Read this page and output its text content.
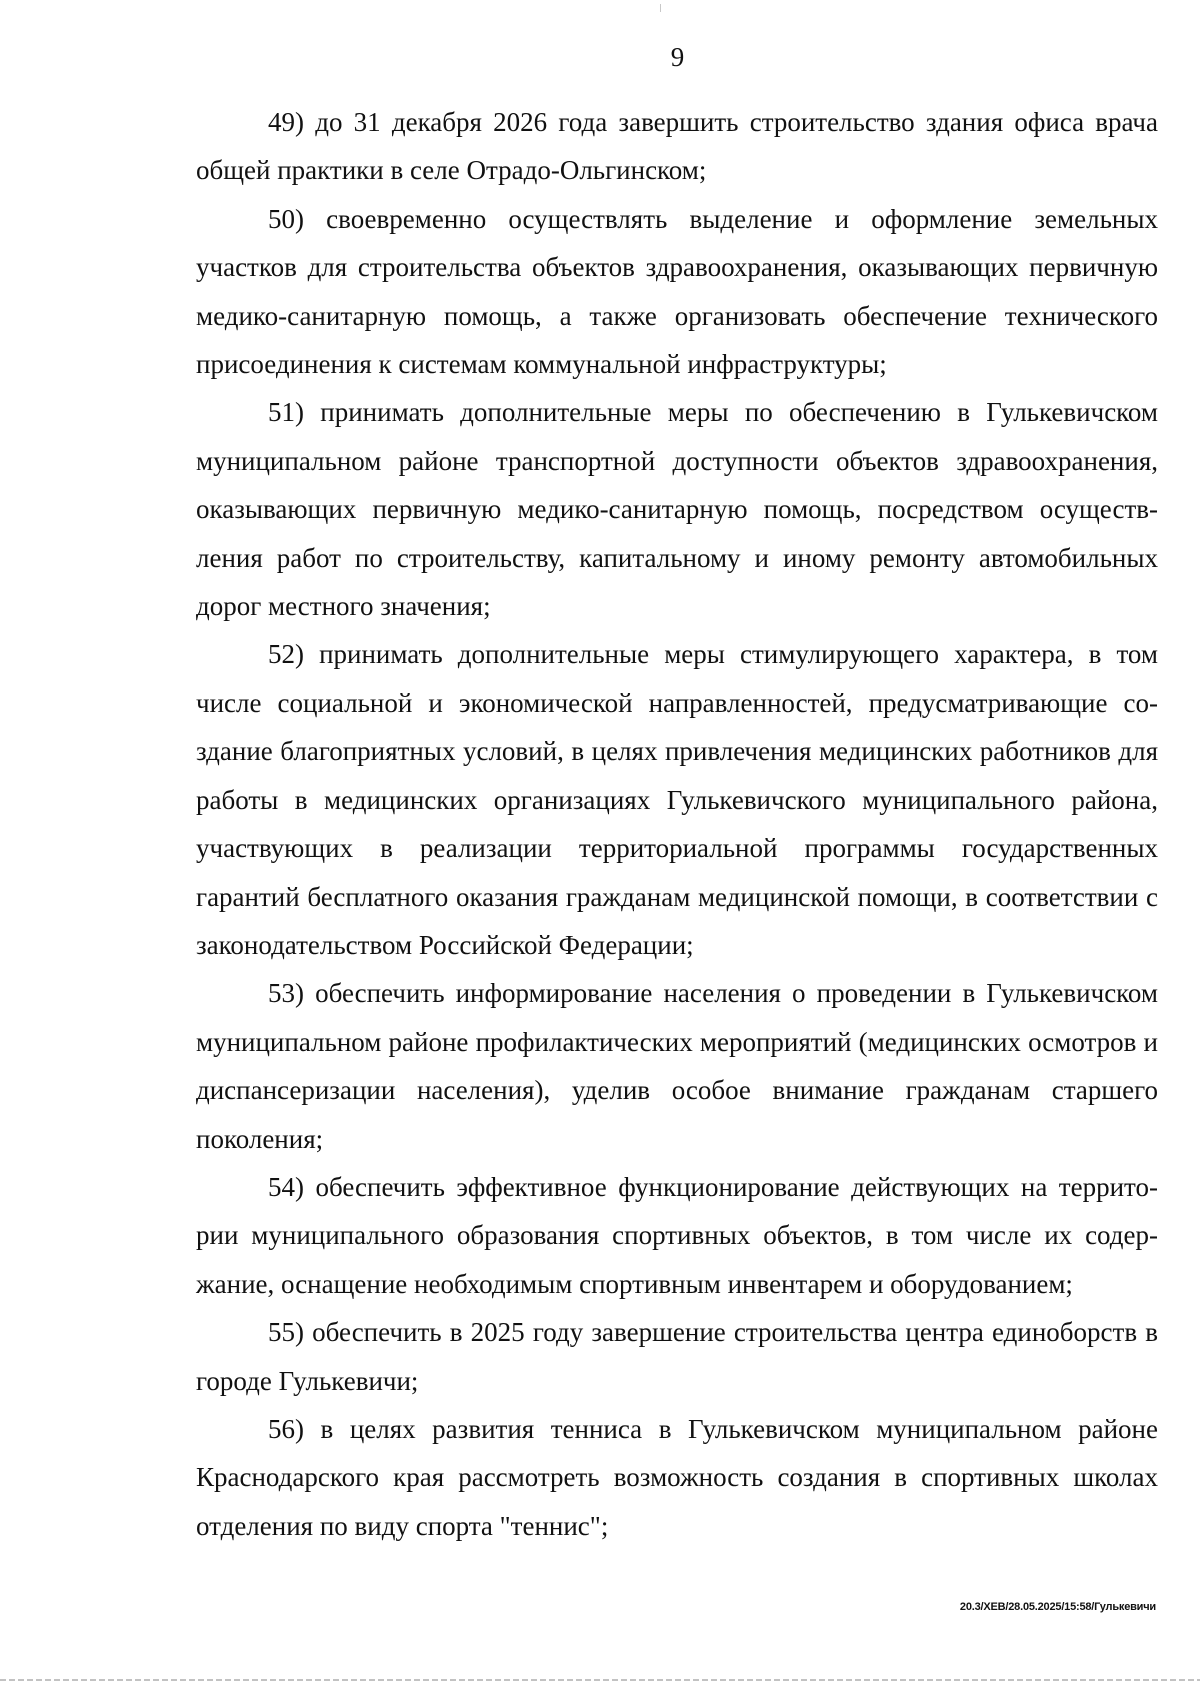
9

49) до 31 декабря 2026 года завершить строительство здания офиса врача общей практики в селе Отрадо-Ольгинском;

50) своевременно осуществлять выделение и оформление земельных участков для строительства объектов здравоохранения, оказывающих первичную медико-санитарную помощь, а также организовать обеспечение технического присоединения к системам коммунальной инфраструктуры;

51) принимать дополнительные меры по обеспечению в Гулькевичском муниципальном районе транспортной доступности объектов здравоохранения, оказывающих первичную медико-санитарную помощь, посредством осуществления работ по строительству, капитальному и иному ремонту автомобильных дорог местного значения;

52) принимать дополнительные меры стимулирующего характера, в том числе социальной и экономической направленностей, предусматривающие создание благоприятных условий, в целях привлечения медицинских работников для работы в медицинских организациях Гулькевичского муниципального района, участвующих в реализации территориальной программы государственных гарантий бесплатного оказания гражданам медицинской помощи, в соответствии с законодательством Российской Федерации;

53) обеспечить информирование населения о проведении в Гулькевичском муниципальном районе профилактических мероприятий (медицинских осмотров и диспансеризации населения), уделив особое внимание гражданам старшего поколения;

54) обеспечить эффективное функционирование действующих на территории муниципального образования спортивных объектов, в том числе их содержание, оснащение необходимым спортивным инвентарем и оборудованием;

55) обеспечить в 2025 году завершение строительства центра единоборств в городе Гулькевичи;

56) в целях развития тенниса в Гулькевичском муниципальном районе Краснодарского края рассмотреть возможность создания в спортивных школах отделения по виду спорта "теннис";

20.3/ХЕВ/28.05.2025/15:58/Гулькевичи
